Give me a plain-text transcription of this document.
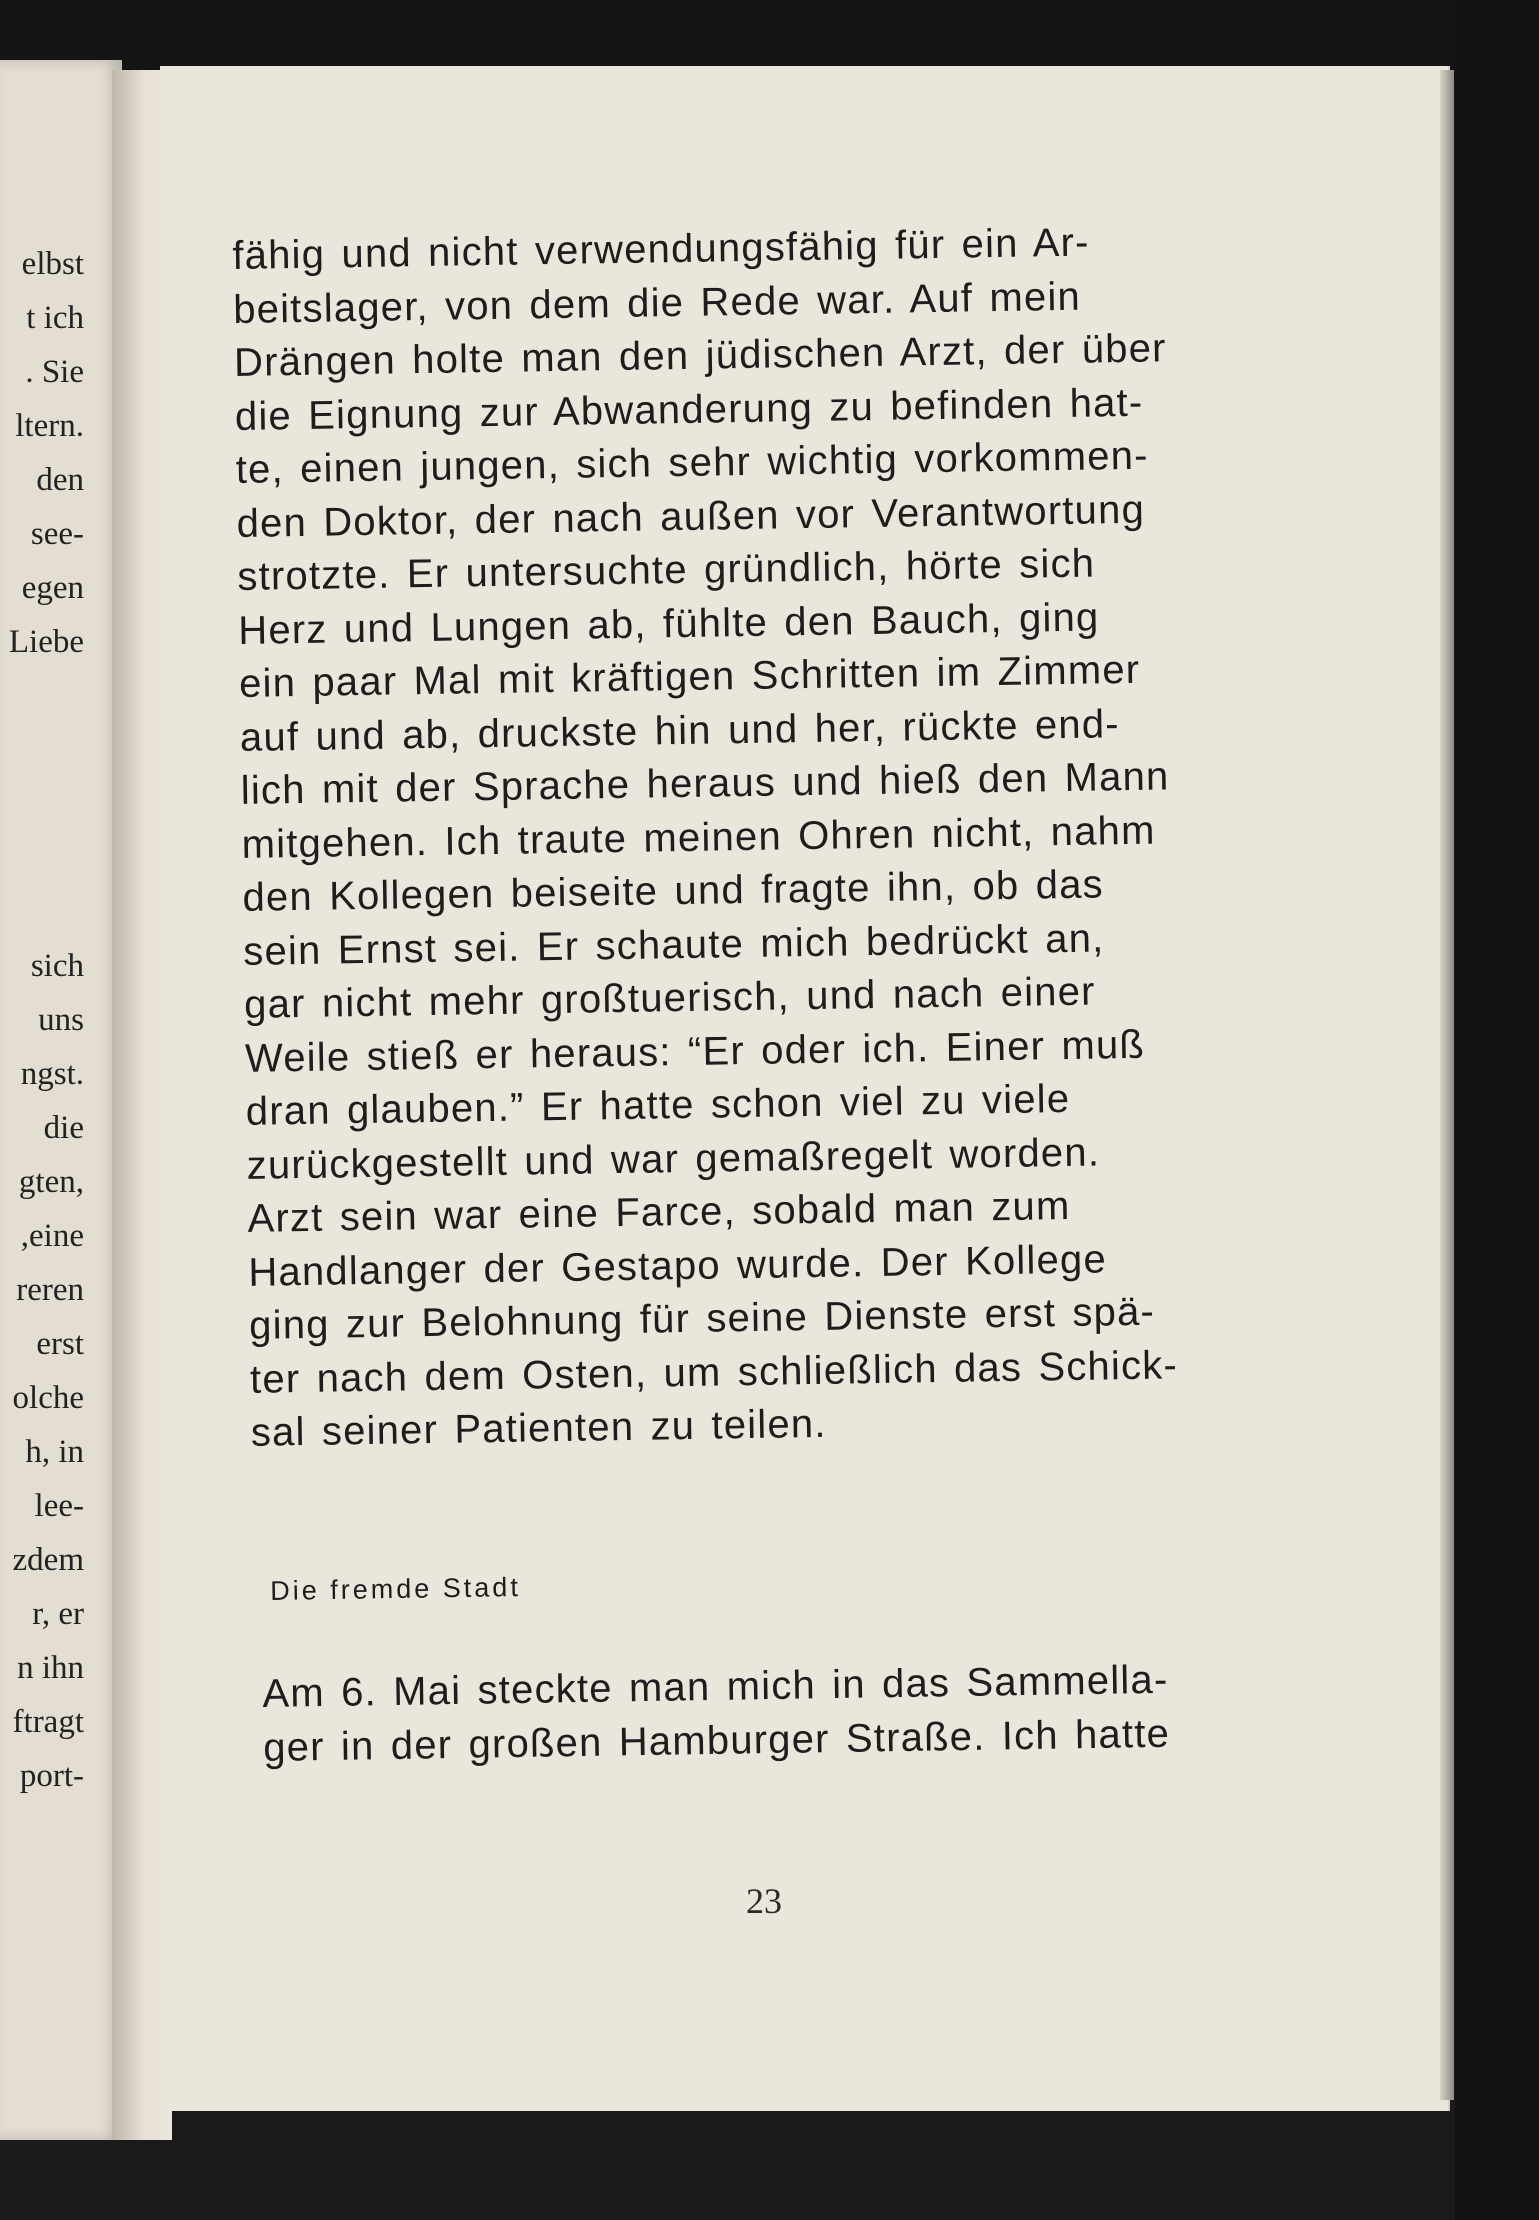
elbst
t ich
. Sie
ltern.
den
see-
egen
Liebe
sich
uns
ngst.
die
gten,
,eine
reren
erst
olche
h, in
lee-
zdem
r, er
n ihn
ftragt
port-
fähig und nicht verwendungsfähig für ein Ar-
beitslager, von dem die Rede war. Auf mein
Drängen holte man den jüdischen Arzt, der über
die Eignung zur Abwanderung zu befinden hat-
te, einen jungen, sich sehr wichtig vorkommen-
den Doktor, der nach außen vor Verantwortung
strotzte. Er untersuchte gründlich, hörte sich
Herz und Lungen ab, fühlte den Bauch, ging
ein paar Mal mit kräftigen Schritten im Zimmer
auf und ab, druckste hin und her, rückte end-
lich mit der Sprache heraus und hieß den Mann
mitgehen. Ich traute meinen Ohren nicht, nahm
den Kollegen beiseite und fragte ihn, ob das
sein Ernst sei. Er schaute mich bedrückt an,
gar nicht mehr großtuerisch, und nach einer
Weile stieß er heraus: “Er oder ich. Einer muß
dran glauben.” Er hatte schon viel zu viele
zurückgestellt und war gemaßregelt worden.
Arzt sein war eine Farce, sobald man zum
Handlanger der Gestapo wurde. Der Kollege
ging zur Belohnung für seine Dienste erst spä-
ter nach dem Osten, um schließlich das Schick-
sal seiner Patienten zu teilen.
Die fremde Stadt
Am 6. Mai steckte man mich in das Sammella-
ger in der großen Hamburger Straße. Ich hatte
23
